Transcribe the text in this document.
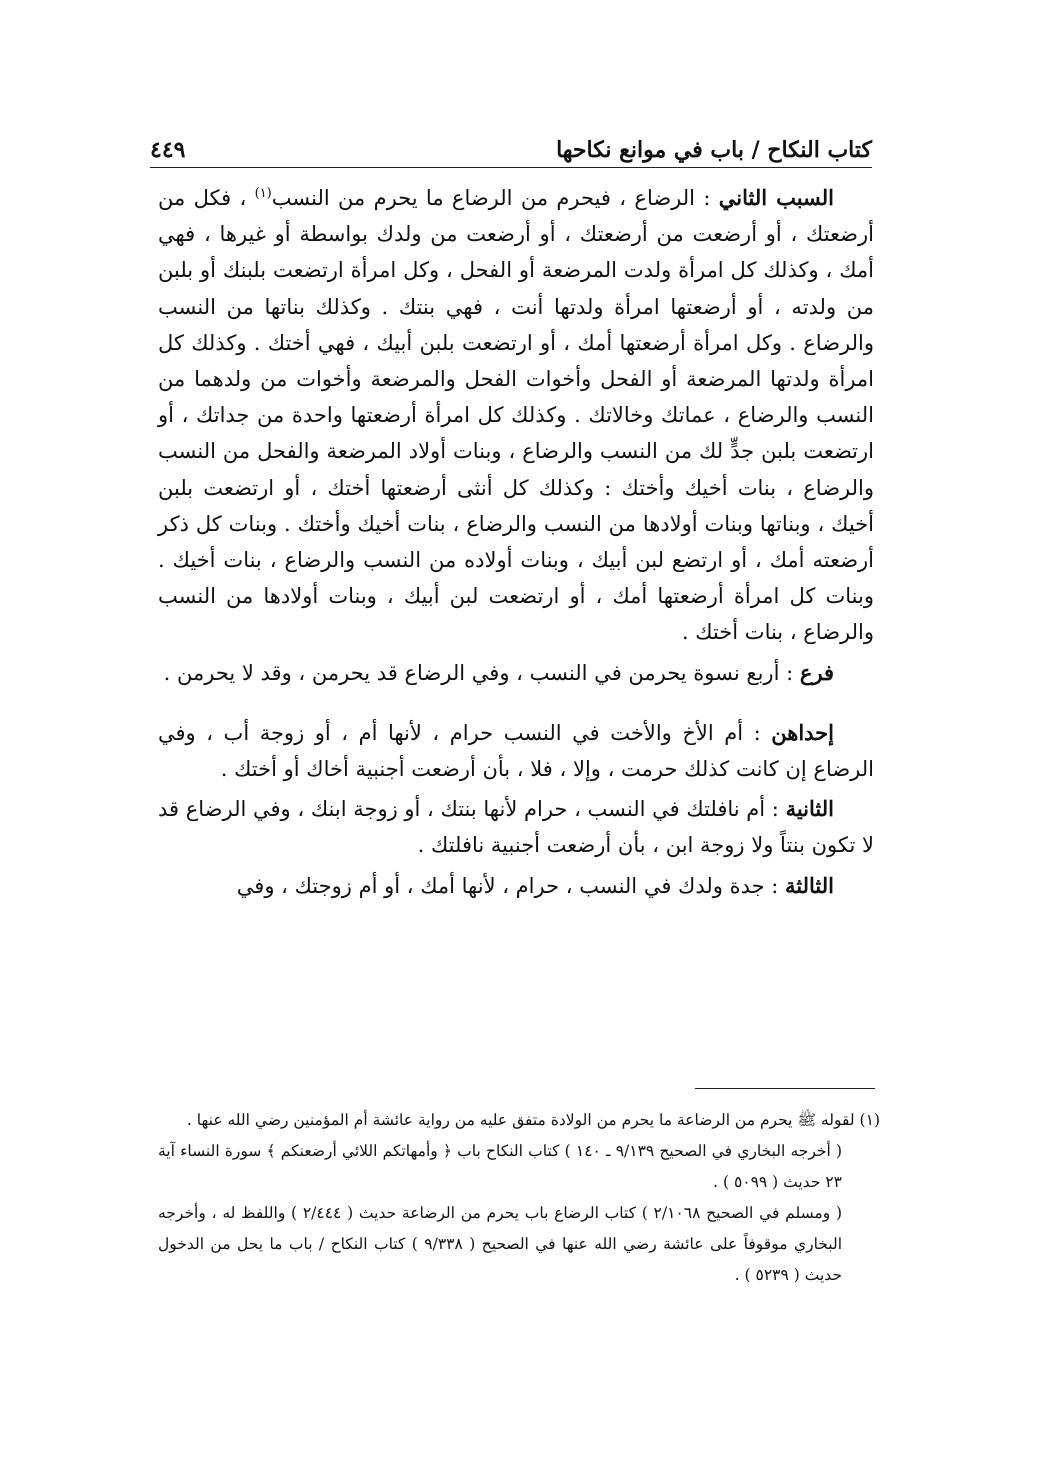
كتاب النكاح / باب في موانع نكاحها
٤٤٩

السبب الثاني : الرضاع ، فيحرم من الرضاع ما يحرم من النسب$^{(١)}$ ، فكل من أرضعتك ، أو أرضعت من أرضعتك ، أو أرضعت من ولدك بواسطة أو غيرها ، فهي أمك ، وكذلك كل امرأة ولدت المرضعة أو الفحل ، وكل امرأة ارتضعت بلبنك أو بلبن من ولدته ، أو أرضعتها امرأة ولدتها أنت ، فهي بنتك . وكذلك بناتها من النسب والرضاع . وكل امرأة أرضعتها أمك ، أو ارتضعت بلبن أبيك ، فهي أختك . وكذلك كل امرأة ولدتها المرضعة أو الفحل وأخوات الفحل والمرضعة وأخوات من ولدهما من النسب والرضاع ، عماتك وخالاتك . وكذلك كل امرأة أرضعتها واحدة من جداتك ، أو ارتضعت بلبن جدٍّ لك من النسب والرضاع ، وبنات أولاد المرضعة والفحل من النسب والرضاع ، بنات أخيك وأختك : وكذلك كل أنثى أرضعتها أختك ، أو ارتضعت بلبن أخيك ، وبناتها وبنات أولادها من النسب والرضاع ، بنات أخيك وأختك . وبنات كل ذكر أرضعته أمك ، أو ارتضع لبن أبيك ، وبنات أولاده من النسب والرضاع ، بنات أخيك . وبنات كل امرأة أرضعتها أمك ، أو ارتضعت لبن أبيك ، وبنات أولادها من النسب والرضاع ، بنات أختك .

فرع : أربع نسوة يحرمن في النسب ، وفي الرضاع قد يحرمن ، وقد لا يحرمن .

إحداهن : أم الأخ والأخت في النسب حرام ، لأنها أم ، أو زوجة أب ، وفي الرضاع إن كانت كذلك حرمت ، وإلا ، فلا ، بأن أرضعت أجنبية أخاك أو أختك .

الثانية : أم نافلتك في النسب ، حرام لأنها بنتك ، أو زوجة ابنك ، وفي الرضاع قد لا تكون بنتاً ولا زوجة ابن ، بأن أرضعت أجنبية نافلتك .

الثالثة : جدة ولدك في النسب ، حرام ، لأنها أمك ، أو أم زوجتك ، وفي

(١) لقوله ﷺ يحرم من الرضاعة ما يحرم من الولادة متفق عليه من رواية عائشة أم المؤمنين رضي الله عنها .

( أخرجه البخاري في الصحيح ٩/١٣٩ ـ ١٤٠ ) كتاب النكاح باب ﴿ وأمهاتكم اللائي أرضعنكم ﴾ سورة النساء آية ٢٣ حديث ( ٥٠٩٩ ) .

( ومسلم في الصحيح ٢/١٠٦٨ ) كتاب الرضاع باب يحرم من الرضاعة حديث ( ٢/٤٤٤ ) واللفظ له ، وأخرجه البخاري موقوفاً على عائشة رضي الله عنها في الصحيح ( ٩/٣٣٨ ) كتاب النكاح / باب ما يحل من الدخول حديث ( ٥٢٣٩ ) .
